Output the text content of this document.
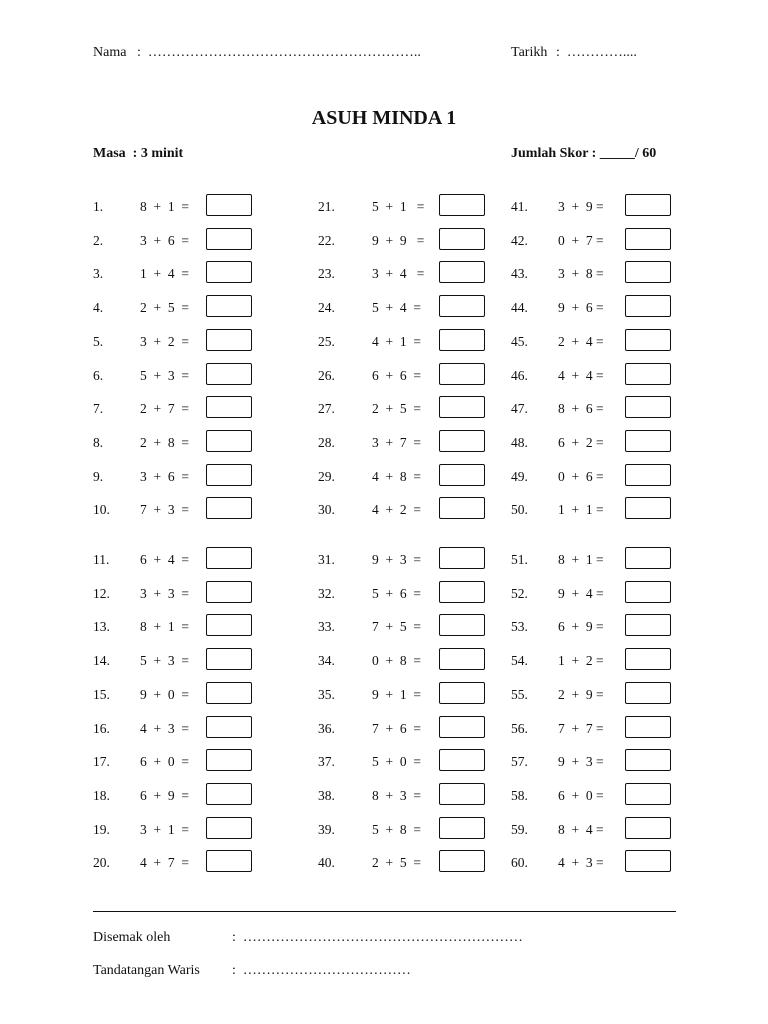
Nama :  …………………………………………………..	Tarikh :  …………....
ASUH MINDA 1
Masa  : 3 minit	Jumlah Skor : _____/ 60
1.	8  +  1  =
2.	3  +  6  =
3.	1  +  4  =
4.	2  +  5  =
5.	3  +  2  =
6.	5  +  3  =
7.	2  +  7  =
8.	2  +  8  =
9.	3  +  6  =
10. 7  +  3  =
11. 6  +  4  =
12. 3  +  3  =
13. 8  +  1  =
14. 5  +  3  =
15. 9  +  0  =
16. 4  +  3  =
17. 6  +  0  =
18. 6  +  9  =
19. 3  +  1  =
20. 4  +  7  =
21.	5  +  1   =
22.	9  +  9   =
23.	3  +  4   =
24.	5  +  4  =
25.	4  +  1  =
26.	6  +  6  =
27.	2  +  5  =
28.	3  +  7  =
29.	4  +  8  =
30.	4  +  2  =
31.	9  +  3  =
32.	5  +  6  =
33.	7  +  5  =
34.	0  +  8  =
35.	9  +  1  =
36.	7  +  6  =
37.	5  +  0  =
38.	8  +  3  =
39.	5  +  8  =
40.	2  +  5  =
41. 3  +  9 =
42. 0  +  7 =
43. 3  +  8 =
44. 9  +  6 =
45. 2  +  4 =
46. 4  +  4 =
47. 8  +  6 =
48. 6  +  2 =
49. 0  +  6 =
50. 1  +  1 =
51. 8  +  1 =
52. 9  +  4 =
53. 6  +  9 =
54. 1  +  2 =
55. 2  +  9 =
56. 7  +  7 =
57. 9  +  3 =
58. 6  +  0 =
59. 8  +  4 =
60. 4  +  3 =
Disemak oleh	:  ……………………………………………………
Tandatangan Waris :  ………………………………
